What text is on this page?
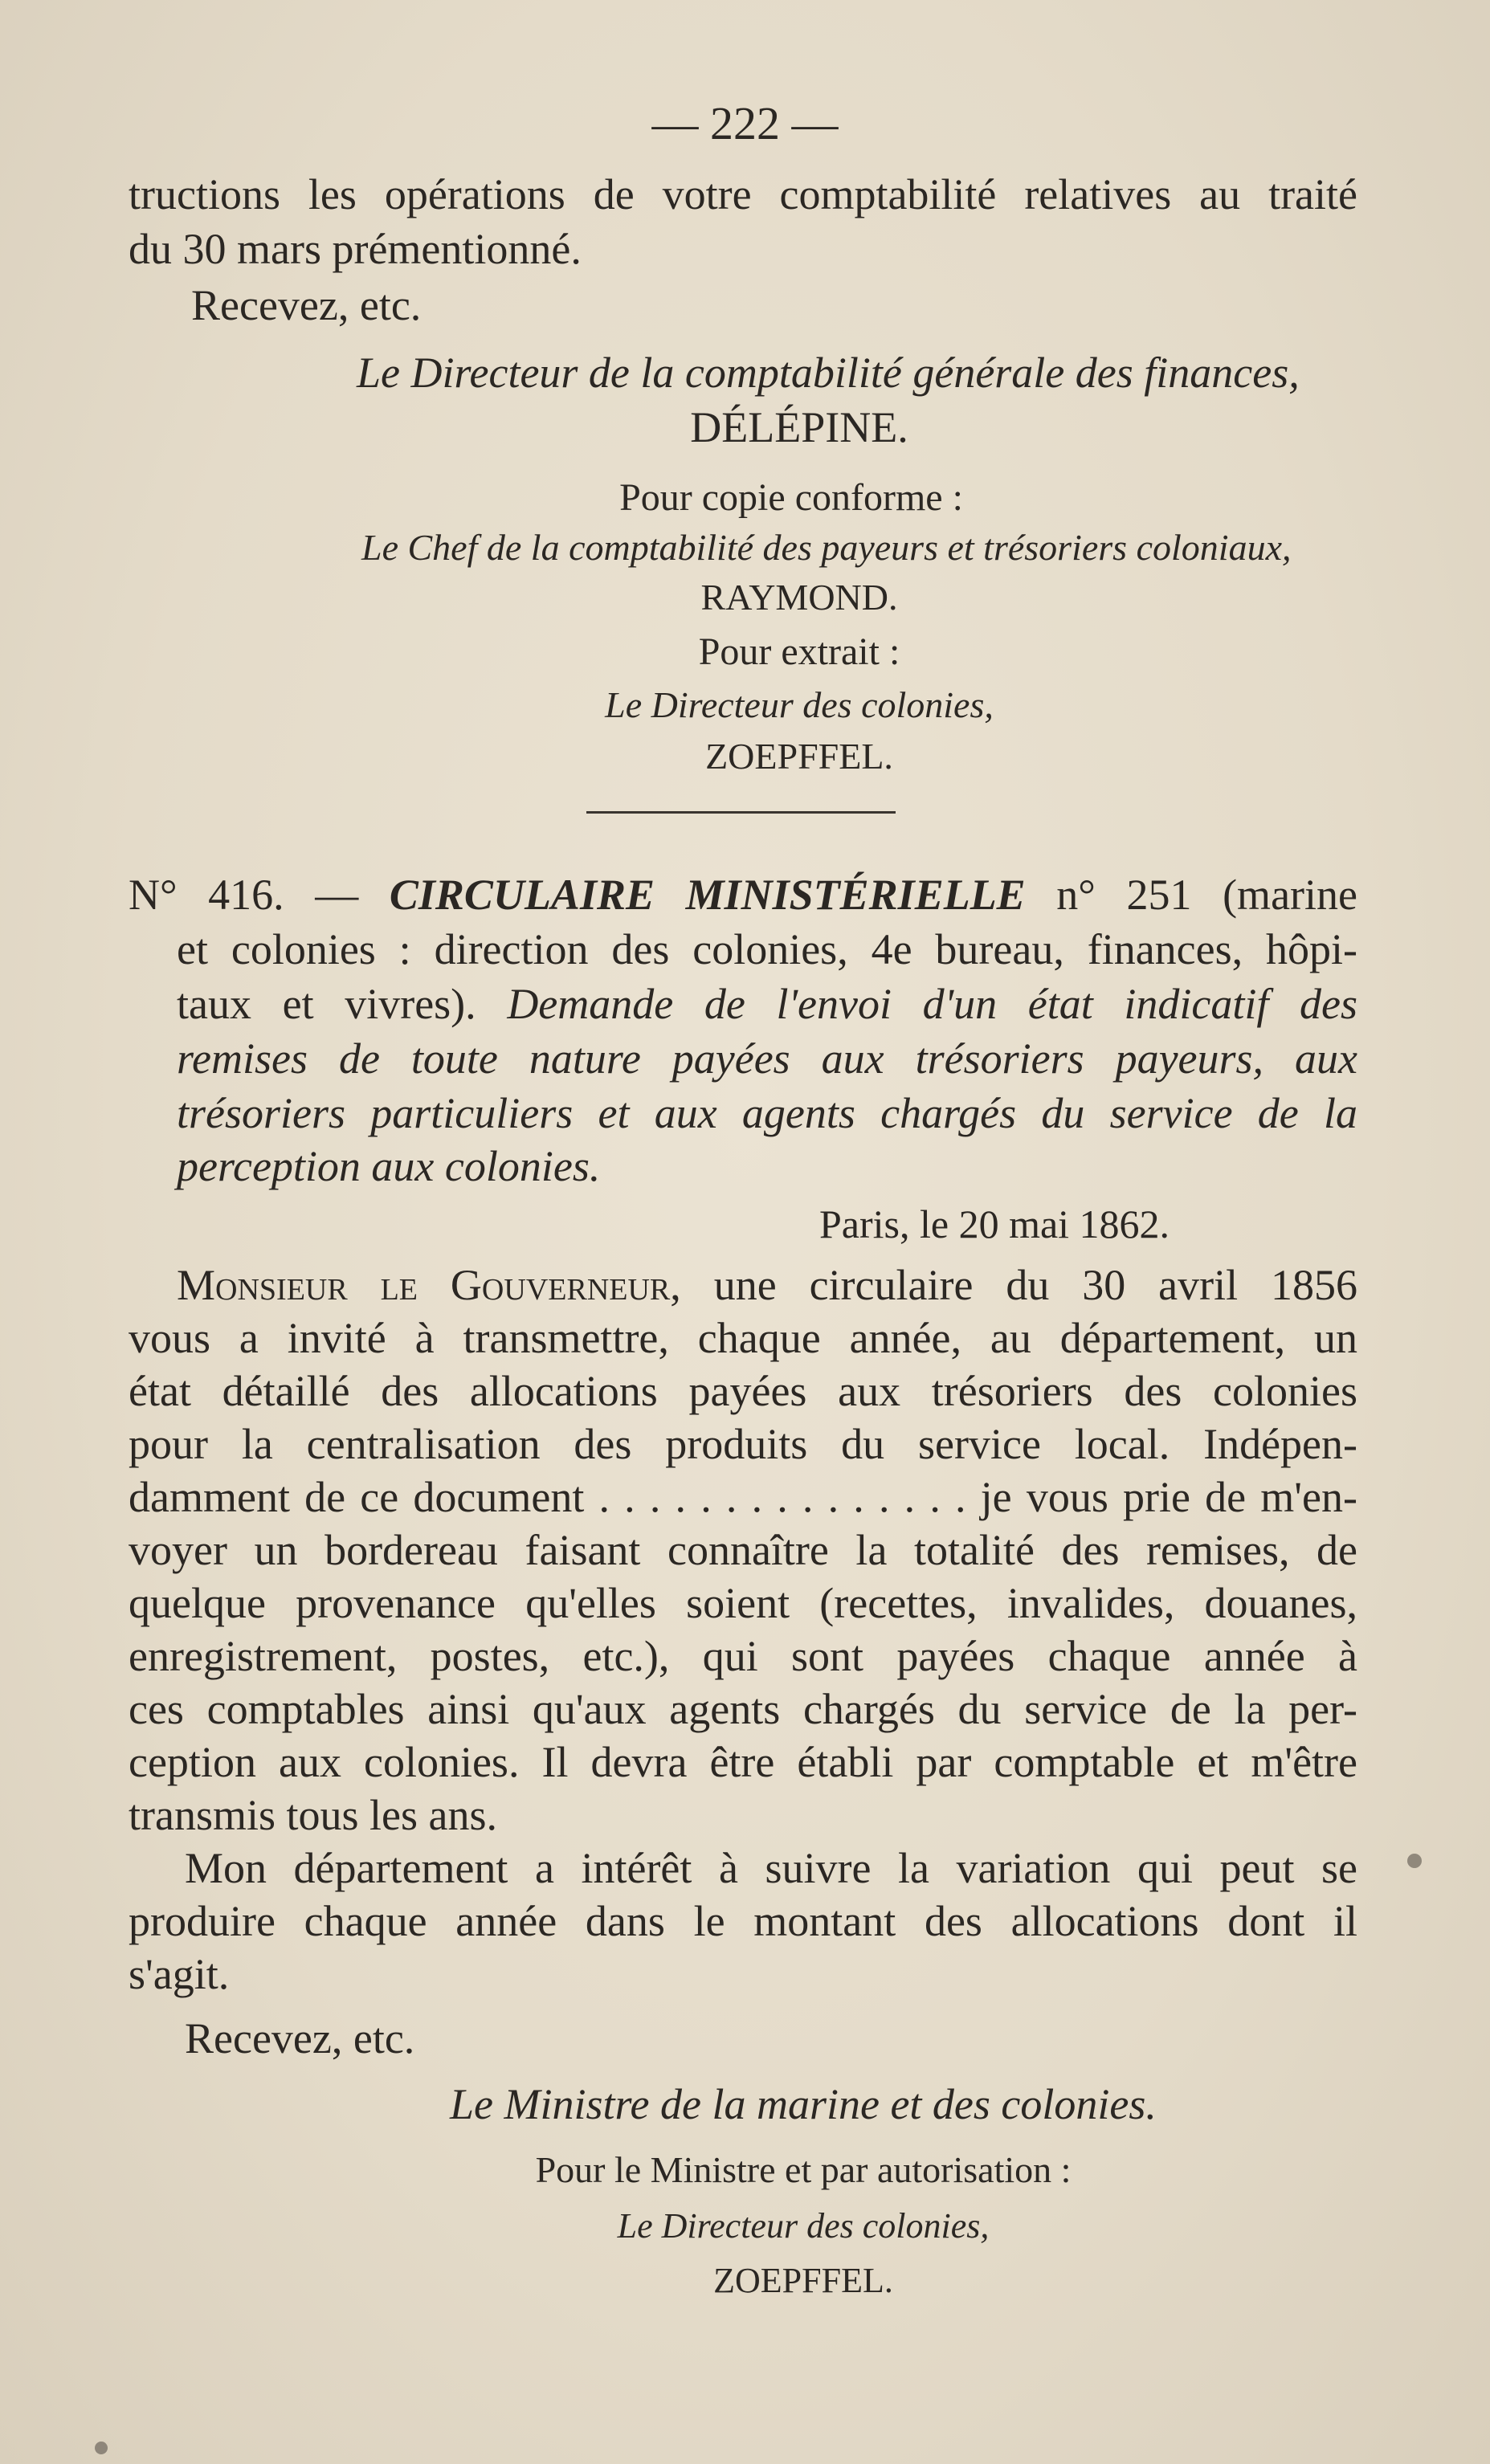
— 222 —
tructions les opérations de votre comptabilité relatives au traité
du 30 mars prémentionné.
Recevez, etc.
Le Directeur de la comptabilité générale des finances,
DÉLÉPINE.
Pour copie conforme :
Le Chef de la comptabilité des payeurs et trésoriers coloniaux,
RAYMOND.
Pour extrait :
Le Directeur des colonies,
ZOEPFFEL.
N° 416. — CIRCULAIRE MINISTÉRIELLE n° 251 (marine
et colonies : direction des colonies, 4e bureau, finances, hôpi-
taux et vivres). Demande de l'envoi d'un état indicatif des
remises de toute nature payées aux trésoriers payeurs, aux
trésoriers particuliers et aux agents chargés du service de la
perception aux colonies.
Paris, le 20 mai 1862.
Monsieur le Gouverneur, une circulaire du 30 avril 1856
vous a invité à transmettre, chaque année, au département, un
état détaillé des allocations payées aux trésoriers des colonies
pour la centralisation des produits du service local. Indépen-
damment de ce document . . . . . . . . . . . . . . . je vous prie de m'en-
voyer un bordereau faisant connaître la totalité des remises, de
quelque provenance qu'elles soient (recettes, invalides, douanes,
enregistrement, postes, etc.), qui sont payées chaque année à
ces comptables ainsi qu'aux agents chargés du service de la per-
ception aux colonies. Il devra être établi par comptable et m'être
transmis tous les ans.
Mon département a intérêt à suivre la variation qui peut se
produire chaque année dans le montant des allocations dont il
s'agit.
Recevez, etc.
Le Ministre de la marine et des colonies.
Pour le Ministre et par autorisation :
Le Directeur des colonies,
ZOEPFFEL.
